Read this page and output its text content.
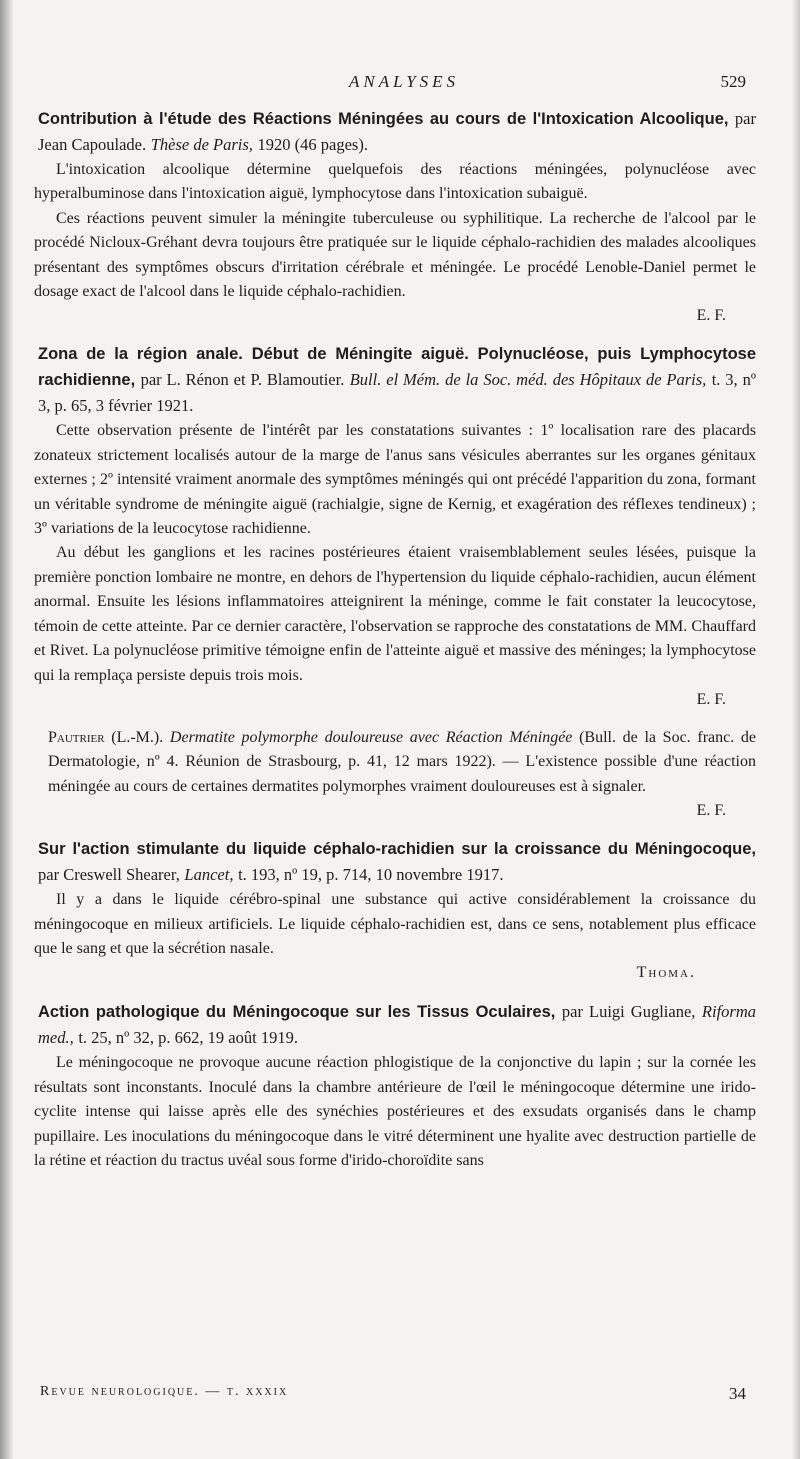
ANALYSES	529
Contribution à l'étude des Réactions Méningées au cours de l'Intoxication Alcoolique, par Jean Capoulade. Thèse de Paris, 1920 (46 pages).

L'intoxication alcoolique détermine quelquefois des réactions méningées, polynucléose avec hyperalbuminose dans l'intoxication aiguë, lymphocytose dans l'intoxication subaiguë.

Ces réactions peuvent simuler la méningite tuberculeuse ou syphilitique. La recherche de l'alcool par le procédé Nicloux-Gréhant devra toujours être pratiquée sur le liquide céphalo-rachidien des malades alcooliques présentant des symptômes obscurs d'irritation cérébrale et méningée. Le procédé Lenoble-Daniel permet le dosage exact de l'alcool dans le liquide céphalo-rachidien.

E. F.
Zona de la région anale. Début de Méningite aiguë. Polynucléose, puis Lymphocytose rachidienne, par L. Rénon et P. Blamoutier. Bull. el Mém. de la Soc. méd. des Hôpitaux de Paris, t. 3, nº 3, p. 65, 3 février 1921.

Cette observation présente de l'intérêt par les constatations suivantes : 1º localisation rare des placards zonateux strictement localisés autour de la marge de l'anus sans vésicules aberrantes sur les organes génitaux externes ; 2º intensité vraiment anormale des symptômes méningés qui ont précédé l'apparition du zona, formant un véritable syndrome de méningite aiguë (rachialgie, signe de Kernig, et exagération des réflexes tendineux) ; 3º variations de la leucocytose rachidienne.

Au début les ganglions et les racines postérieures étaient vraisemblablement seules lésées, puisque la première ponction lombaire ne montre, en dehors de l'hypertension du liquide céphalo-rachidien, aucun élément anormal. Ensuite les lésions inflammatoires atteignirent la méninge, comme le fait constater la leucocytose, témoin de cette atteinte. Par ce dernier caractère, l'observation se rapproche des constatations de MM. Chauffard et Rivet. La polynucléose primitive témoigne enfin de l'atteinte aiguë et massive des méninges; la lymphocytose qui la remplaça persiste depuis trois mois.

E. F.
Pautrier (L.-M.). Dermatite polymorphe douloureuse avec Réaction Méningée (Bull. de la Soc. franc. de Dermatologie, nº 4. Réunion de Strasbourg, p. 41, 12 mars 1922). — L'existence possible d'une réaction méningée au cours de certaines dermatites polymorphes vraiment douloureuses est à signaler.
E. F.
Sur l'action stimulante du liquide céphalo-rachidien sur la croissance du Méningocoque, par Creswell Shearer, Lancet, t. 193, nº 19, p. 714, 10 novembre 1917.

Il y a dans le liquide cérébro-spinal une substance qui active considérablement la croissance du méningocoque en milieux artificiels. Le liquide céphalo-rachidien est, dans ce sens, notablement plus efficace que le sang et que la sécrétion nasale.

Thoma.
Action pathologique du Méningocoque sur les Tissus Oculaires, par Luigi Gugliane, Riforma med., t. 25, nº 32, p. 662, 19 août 1919.

Le méningocoque ne provoque aucune réaction phlogistique de la conjonctive du lapin ; sur la cornée les résultats sont inconstants. Inoculé dans la chambre antérieure de l'œil le méningocoque détermine une irido-cyclite intense qui laisse après elle des synéchies postérieures et des exsudats organisés dans le champ pupillaire. Les inoculations du méningocoque dans le vitré déterminent une hyalite avec destruction partielle de la rétine et réaction du tractus uvéal sous forme d'irido-choroïdite sans

Revue neurologique. — t. xxxix	34
